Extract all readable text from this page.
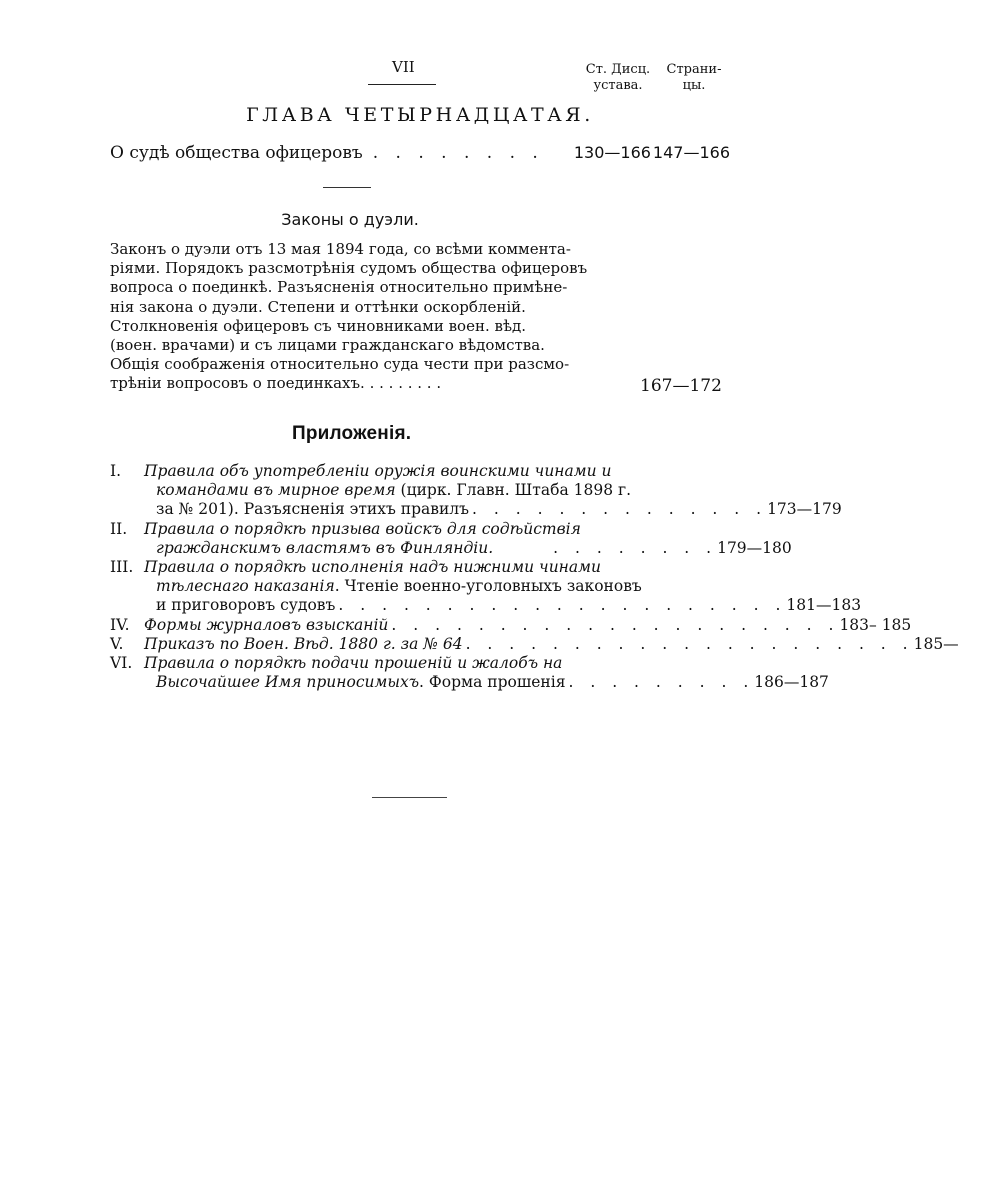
VII	Ст. Дисц.
устава.
Страни-
цы.
ГЛАВА ЧЕТЫРНАДЦАТАЯ.
О судѣ общества офицеровъ . . . . . . . .	130—166 147—166
Законы о дуэли.
Законъ о дуэли отъ 13 мая 1894 года, со всѣми коммента-
ріями. Порядокъ разсмотрѣнія судомъ общества офицеровъ
вопроса о поединкѣ. Разъясненія относительно примѣне-
нія закона о дуэли. Степени и оттѣнки оскорбленій.
Столкновенія офицеровъ съ чиновниками воен. вѣд.
(воен. врачами) и съ лицами гражданскаго вѣдомства.
Общія соображенія относительно суда чести при разсмо-
трѣніи вопросовъ о поединкахъ. . . . . . . . .	167—172
Приложенія.
I.	Правила объ употребленіи оружія воинскими чинами и
командами въ мирное время (цирк. Главн. Штаба 1898 г.
за № 201). Разъясненія этихъ правилъ . . . . . . . . . . . . . . 173—179
II.	Правила о порядкѣ призыва войскъ для содѣйствія
гражданскимъ властямъ въ Финляндіи.	. . . . . . . . 179—180
III. Правила о порядкѣ исполненія надъ нижними чинами
тѣлеснаго наказанія. Чтеніе военно-уголовныхъ законовъ
и приговоровъ судовъ . . . . . . . . . . . . . . . . . . . . . 181—183
IV. Формы журналовъ взысканій . . . . . . . . . . . . . . . . . . . . . 183– 185
V.	Приказъ по Воен. Вѣд. 1880 г. за № 64 . . . . . . . . . . . . . . . . . . . . . 185—
VI. Правила о порядкѣ подачи прошеній и жалобъ на
Высочайшее Имя приносимыхъ. Форма прошенія . . . . . . . . . 186—187
